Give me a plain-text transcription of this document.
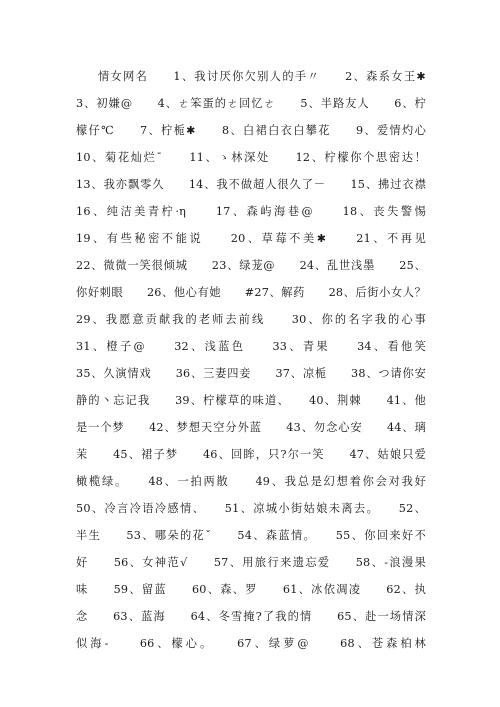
情女网名　　1、我讨厌你欠别人的手〃　　2、森系女王✱
3、初嫌@　　4、ㄜ笨蛋的ㄜ回忆ㄜ　　5、半路友人　　6、柠
檬仔℃　　7、柠栀✱　　8、白裙白衣白攀花　　9、爱情灼心
10、菊花灿烂ˉ　　11、ゝ林深处　　12、柠檬你个思密达！
13、我亦飘零久　　14、我不做超人很久了－　　15、拂过衣襟
16、纯洁美青柠·η　　17、森屿海巷@　　18、丧失警惕
19、有些秘密不能说　　20、草莓不美✱　　21、不再见
22、微微一笑很倾城　　23、绿茏@　　24、乱世浅墨　　25、
你好刺眼　　26、他心有她　　#27、解药　　28、后街小女人？
29、我愿意贡献我的老师去前线　　30、你的名字我的心事
31、橙子@　　32、浅蓝色　　33、青果　　34、看他笑
35、久演情戏　　36、三妻四妾　　37、凉栀　　38、つ请你安
静的丶忘记我　　39、柠檬草的味道、　　40、荆棘　　41、他
是一个梦　　42、梦想天空分外蓝　　43、勿念心安　　44、璃
茉　　45、裙子梦　　46、回眸，只?尔一笑　　47、姑娘只爱
橄榄绿。　　48、一拍两散　　49、我总是幻想着你会对我好
50、冷言冷语冷感情、　　51、凉城小街姑娘未离去。　　52、
半生　　53、哪朵的花ˇ　　54、森蓝情。　　55、你回来好不
好　　56、女神范√　　57、用旅行来遗忘爱　　58、-浪漫果
味　　59、留蓝　　60、森、罗　　61、冰依凋凌　　62、执
念　　63、蓝海　　64、冬雪掩?了我的情　　65、赴一场情深
似海-　　66、檬心。　　67、绿萝@　　68、苍森柏林
